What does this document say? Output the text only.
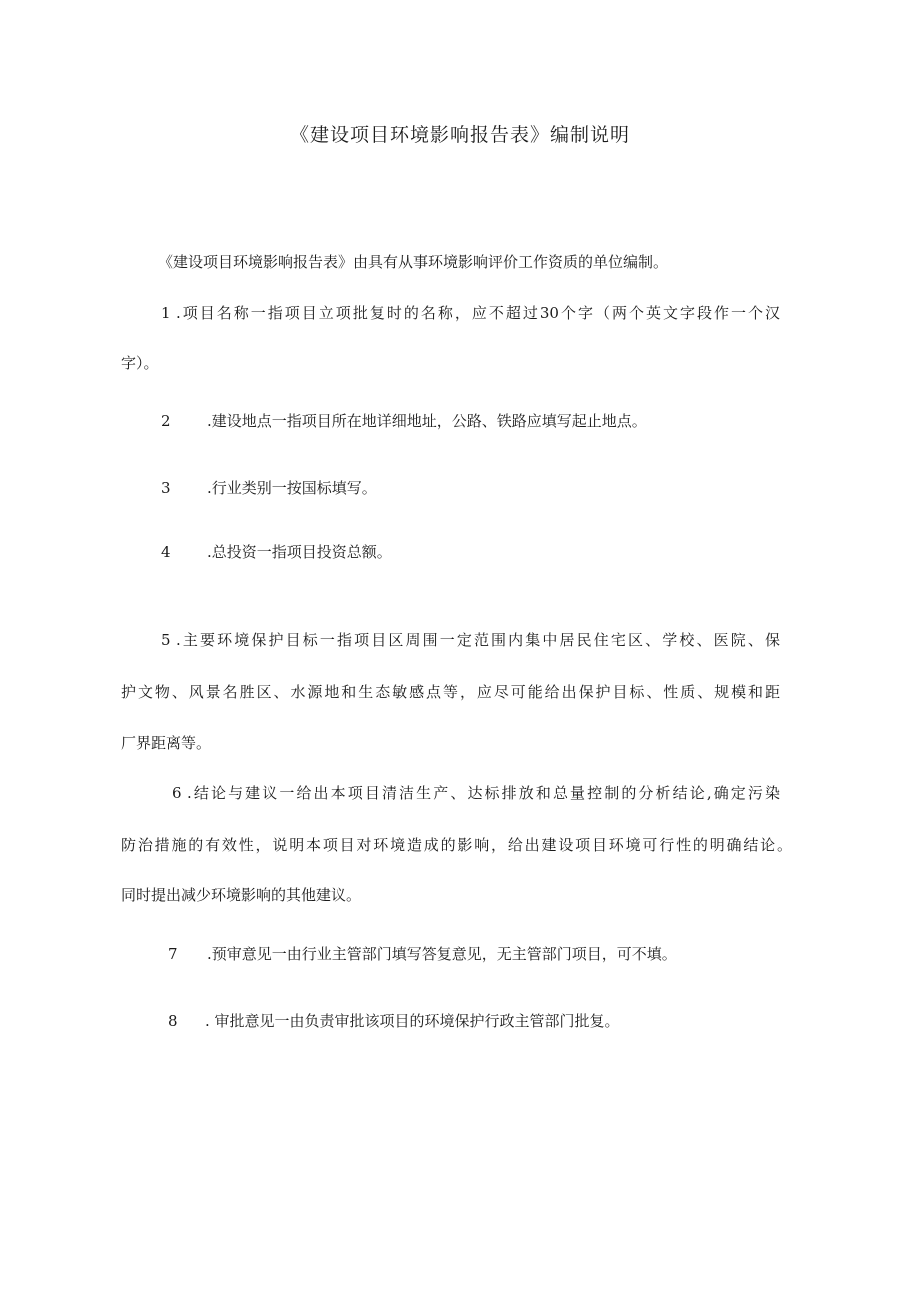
《建设项目环境影响报告表》编制说明
《建设项目环境影响报告表》由具有从事环境影响评价工作资质的单位编制。
1 .项目名称一指项目立项批复时的名称，应不超过30个字（两个英文字段作一个汉
字）。
2 .建设地点一指项目所在地详细地址，公路、铁路应填写起止地点。
3 .行业类别一按国标填写。
4 .总投资一指项目投资总额。
5 .主要环境保护目标一指项目区周围一定范围内集中居民住宅区、学校、医院、保
护文物、风景名胜区、水源地和生态敏感点等，应尽可能给出保护目标、性质、规模和距
厂界距离等。
6 .结论与建议一给出本项目清洁生产、达标排放和总量控制的分析结论,确定污染
防治措施的有效性，说明本项目对环境造成的影响，给出建设项目环境可行性的明确结论。
同时提出减少环境影响的其他建议。
7 .预审意见一由行业主管部门填写答复意见，无主管部门项目，可不填。
8 . 审批意见一由负责审批该项目的环境保护行政主管部门批复。
